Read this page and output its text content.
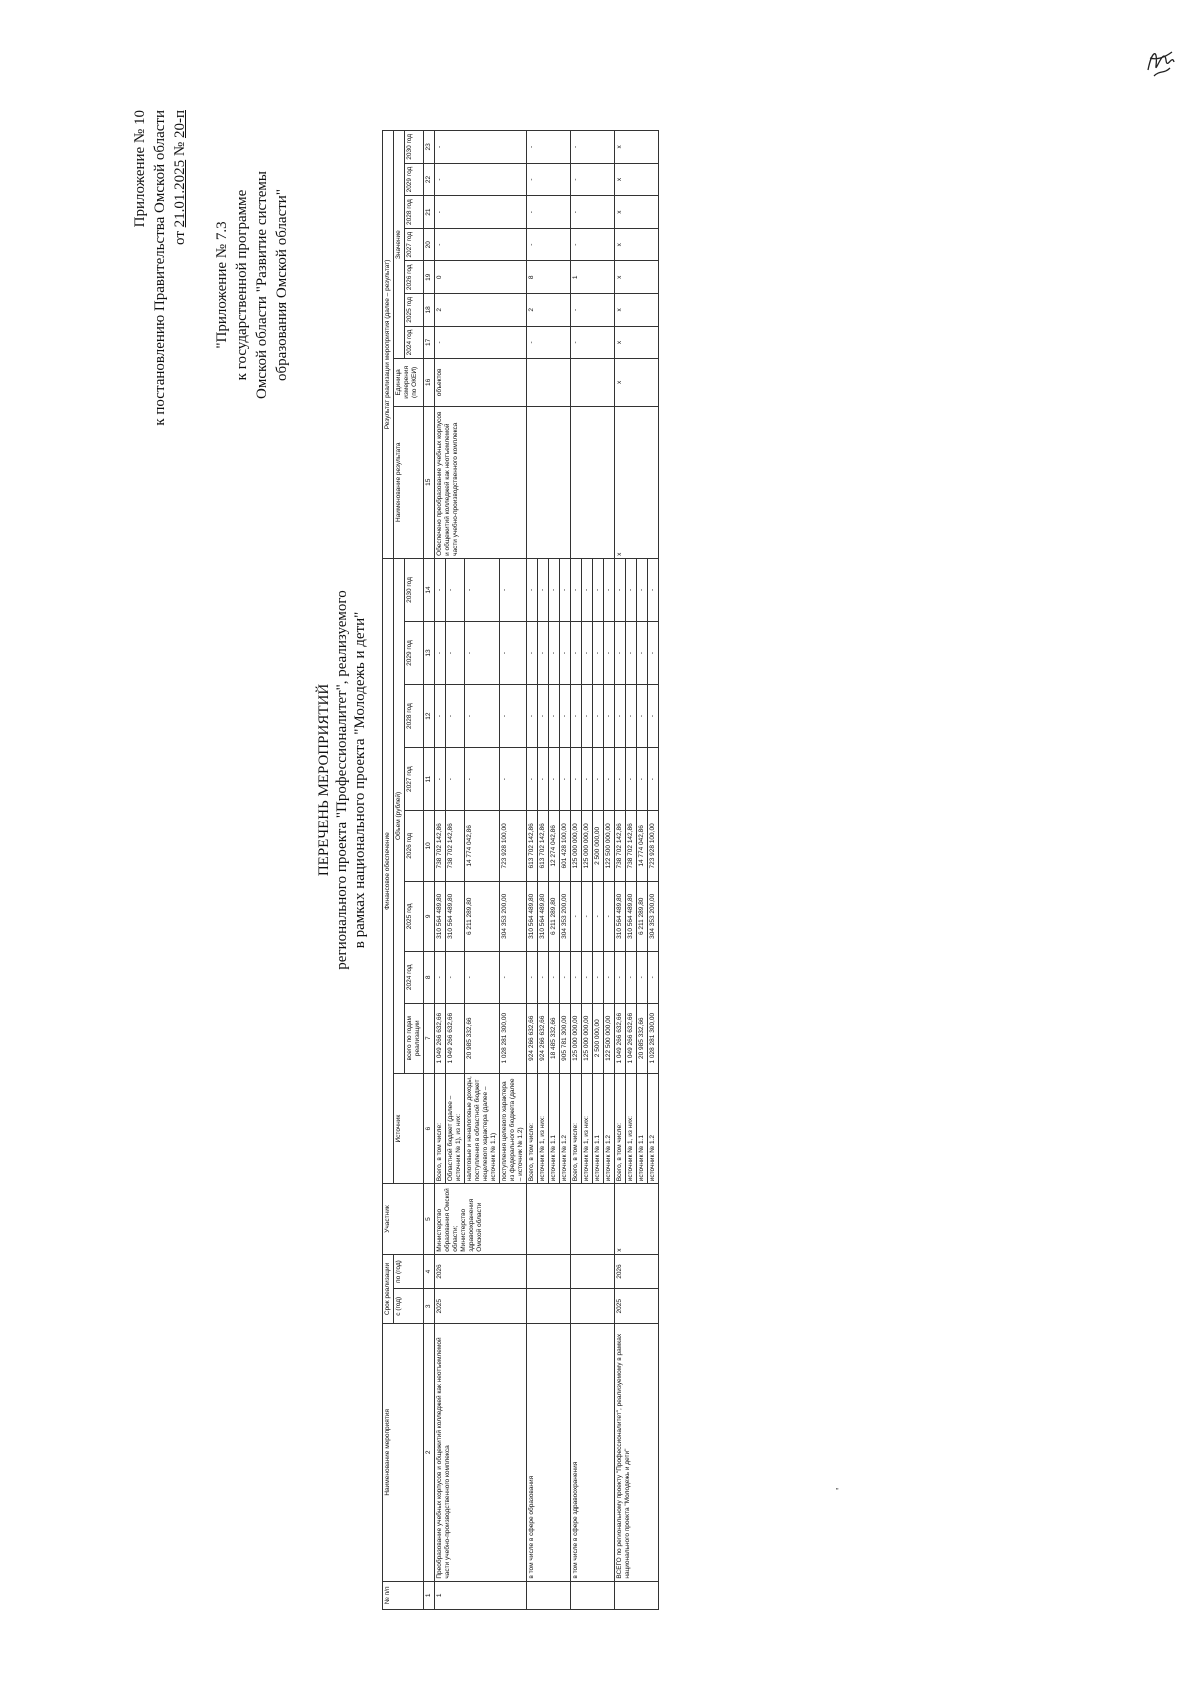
Приложение № 10 к постановлению Правительства Омской области от 21.01.2025 № 20-п
"Приложение № 7.3 к государственной программе Омской области "Развитие системы образования Омской области"
ПЕРЕЧЕНЬ МЕРОПРИЯТИЙ регионального проекта "Профессионалитет", реализуемого в рамках национального проекта "Молодежь и дети"
№ п/п	Наименование мероприятия	Срок реализации		Участник	Финансовое обеспечение									Результат реализации мероприятия (далее – результат)								
		с (год)	по (год)		Источник	Объем (рублей)								Наименование результата	Единица измерения (по ОКЕИ)	Значение						
						всего по годам реализации	2024 год	2025 год	2026 год	2027 год	2028 год	2029 год	2030 год			2024 год	2025 год	2026 год	2027 год	2028 год	2029 год	2030 год
1	2	3	4	5	6	7	8	9	10	11	12	13	14	15	16	17	18	19	20	21	22	23
1	Преобразование учебных корпусов и общежитий колледжей как неотъемлемой части учебно-производственного комплекса	2025	2026	Министерство образования Омской области; Министерство здравоохранения Омской области	Всего, в том числе:	1 049 266 632,66	-	310 564 489,80	738 702 142,86	-	-	-	-	Обеспечено преобразование учебных корпусов и общежитий колледжей как неотъемлемой части учебно-производственного комплекса	объектов	-	2	0	-	-	-	-
					Областной бюджет (далее – источник № 1), из них:	1 049 266 632,66	-	310 564 489,80	738 702 142,86	-	-	-	-									
					налоговые и неналоговые доходы, поступления в областной бюджет нецелевого характера (далее – источник № 1.1)	20 985 332,66	-	6 211 289,80	14 774 042,86	-	-	-	-									
					поступления целевого характера из федерального бюджета (далее – источник № 1.2)	1 028 281 300,00	-	304 353 200,00	723 928 100,00	-	-	-	-									
	в том числе в сфере образования				Всего, в том числе:	924 266 632,66	-	310 564 489,80	613 702 142,86	-	-	-	-			-	2	8	-	-	-	-
					источник № 1, из них:	924 266 632,66	-	310 564 489,80	613 702 142,86	-	-	-	-									
					источник № 1.1	18 485 332,66	-	6 211 289,80	12 274 042,86	-	-	-	-									
					источник № 1.2	905 781 300,00	-	304 353 200,00	601 428 100,00	-	-	-	-									
	в том числе в сфере здравоохранения				Всего, в том числе:	125 000 000,00	-	-	125 000 000,00	-	-	-	-			-	-	1	-	-	-	-
					источник № 1, из них:	125 000 000,00	-	-	125 000 000,00	-	-	-	-									
					источник № 1.1	2 500 000,00	-	-	2 500 000,00	-	-	-	-									
					источник № 1.2	122 500 000,00	-	-	122 500 000,00	-	-	-	-									
	ВСЕГО по региональному проекту "Профессионалитет", реализуемому в рамках национального проекта "Молодежь и дети"	2025	2026	х	Всего, в том числе:	1 049 266 632,66	-	310 564 489,80	738 702 142,86	-	-	-	-	х	х	х	х	х	х	х	х	х
					источник № 1, из них:	1 049 266 632,66	-	310 564 489,80	738 702 142,86	-	-	-	-									
					источник № 1.1	20 985 332,66	-	6 211 289,80	14 774 042,86	-	-	-	-									
					источник № 1.2	1 028 281 300,00	-	304 353 200,00	723 928 100,00	-	-	-	-									
"
